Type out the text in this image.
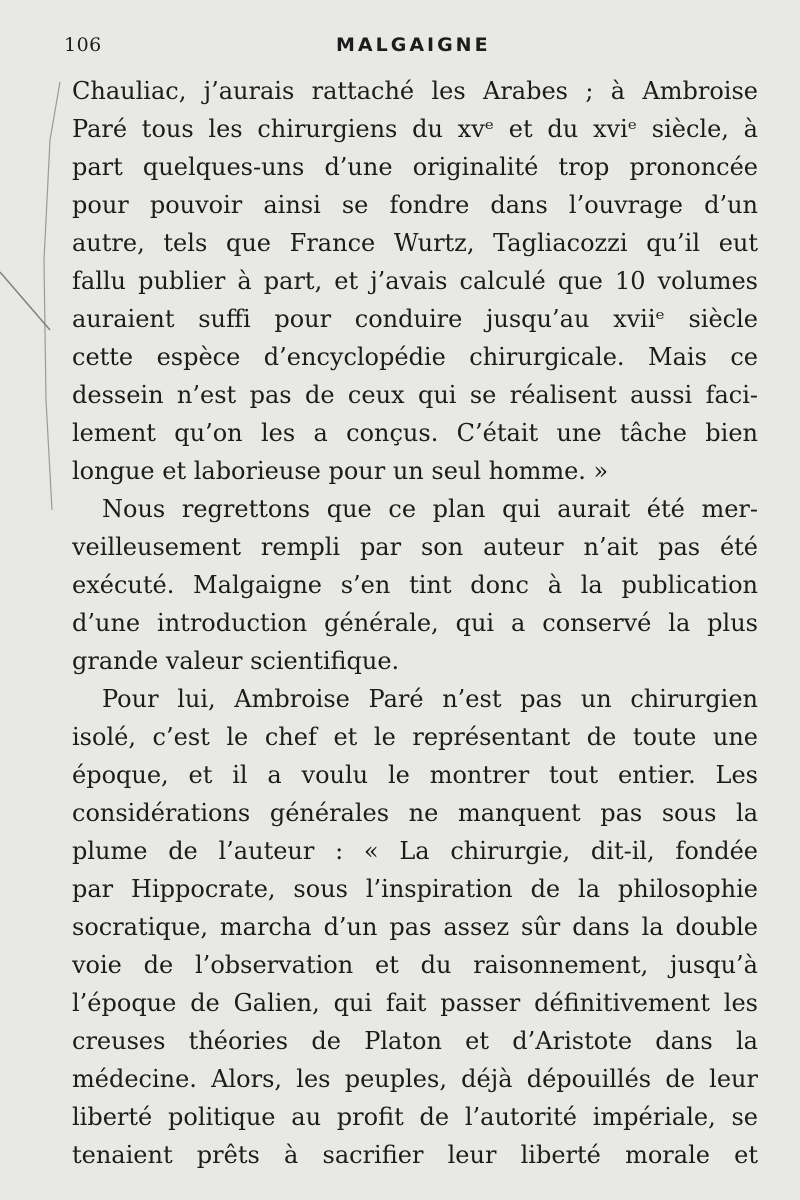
106	MALGAIGNE
Chauliac, j’aurais rattaché les Arabes ; à Ambroise
Paré tous les chirurgiens du xvᵉ et du xviᵉ siècle, à
part quelques-uns d’une originalité trop prononcée
pour pouvoir ainsi se fondre dans l’ouvrage d’un
autre, tels que France Wurtz, Tagliacozzi qu’il eut
fallu publier à part, et j’avais calculé que 10 volumes
auraient suffi pour conduire jusqu’au xviiᵉ siècle
cette espèce d’encyclopédie chirurgicale. Mais ce
dessein n’est pas de ceux qui se réalisent aussi faci-
lement qu’on les a conçus. C’était une tâche bien
longue et laborieuse pour un seul homme. »
Nous regrettons que ce plan qui aurait été mer-
veilleusement rempli par son auteur n’ait pas été
exécuté. Malgaigne s’en tint donc à la publication
d’une introduction générale, qui a conservé la plus
grande valeur scientifique.
Pour lui, Ambroise Paré n’est pas un chirurgien
isolé, c’est le chef et le représentant de toute une
époque, et il a voulu le montrer tout entier. Les
considérations générales ne manquent pas sous la
plume de l’auteur : « La chirurgie, dit-il, fondée
par Hippocrate, sous l’inspiration de la philosophie
socratique, marcha d’un pas assez sûr dans la double
voie de l’observation et du raisonnement, jusqu’à
l’époque de Galien, qui fait passer définitivement les
creuses théories de Platon et d’Aristote dans la
médecine. Alors, les peuples, déjà dépouillés de leur
liberté politique au profit de l’autorité impériale, se
tenaient prêts à sacrifier leur liberté morale et
